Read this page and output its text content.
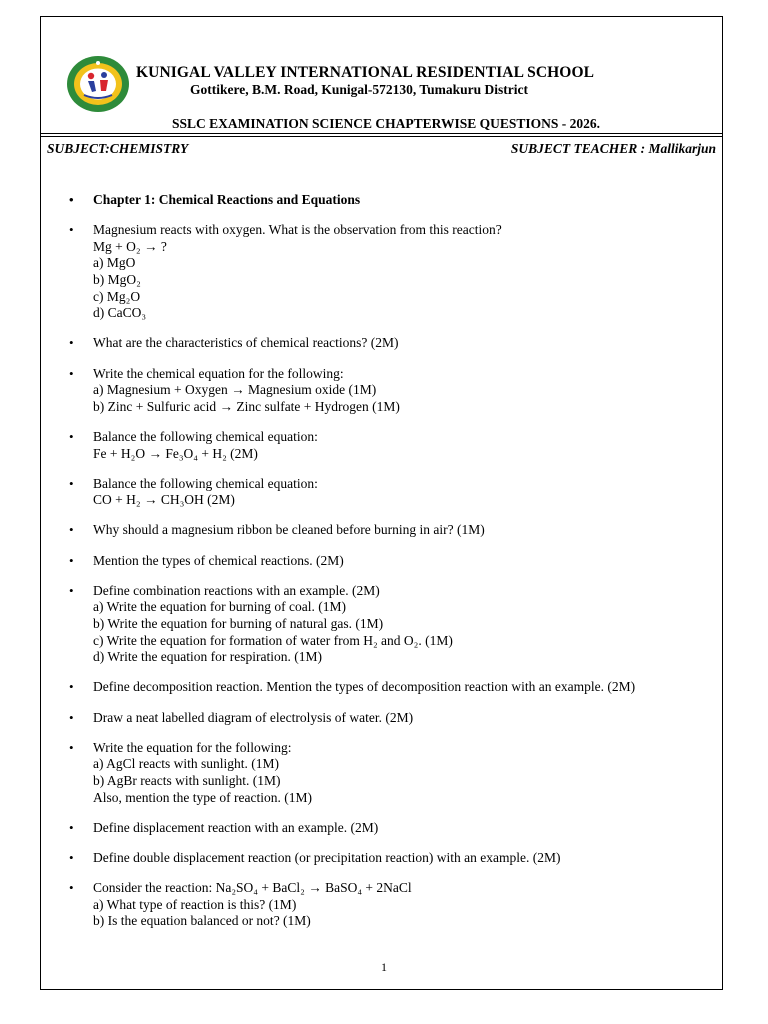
KUNIGAL VALLEY INTERNATIONAL RESIDENTIAL SCHOOL
Gottikere, B.M. Road, Kunigal-572130, Tumakuru District
SSLC EXAMINATION SCIENCE CHAPTERWISE QUESTIONS - 2026.
SUBJECT:CHEMISTRY	SUBJECT TEACHER : Mallikarjun

• Chapter 1: Chemical Reactions and Equations

• Magnesium reacts with oxygen. What is the observation from this reaction?
Mg + O₂ → ?
a) MgO
b) MgO₂
c) Mg₂O
d) CaCO₃

• What are the characteristics of chemical reactions? (2M)

• Write the chemical equation for the following:
a) Magnesium + Oxygen → Magnesium oxide (1M)
b) Zinc + Sulfuric acid → Zinc sulfate + Hydrogen (1M)

• Balance the following chemical equation:
Fe + H₂O → Fe₃O₄ + H₂ (2M)

• Balance the following chemical equation:
CO + H₂ → CH₃OH (2M)

• Why should a magnesium ribbon be cleaned before burning in air? (1M)

• Mention the types of chemical reactions. (2M)

• Define combination reactions with an example. (2M)
a) Write the equation for burning of coal. (1M)
b) Write the equation for burning of natural gas. (1M)
c) Write the equation for formation of water from H₂ and O₂. (1M)
d) Write the equation for respiration. (1M)

• Define decomposition reaction. Mention the types of decomposition reaction with an example. (2M)

• Draw a neat labelled diagram of electrolysis of water. (2M)

• Write the equation for the following:
a) AgCl reacts with sunlight. (1M)
b) AgBr reacts with sunlight. (1M)
Also, mention the type of reaction. (1M)

• Define displacement reaction with an example. (2M)

• Define double displacement reaction (or precipitation reaction) with an example. (2M)

• Consider the reaction: Na₂SO₄ + BaCl₂ → BaSO₄ + 2NaCl
a) What type of reaction is this? (1M)
b) Is the equation balanced or not? (1M)

1
